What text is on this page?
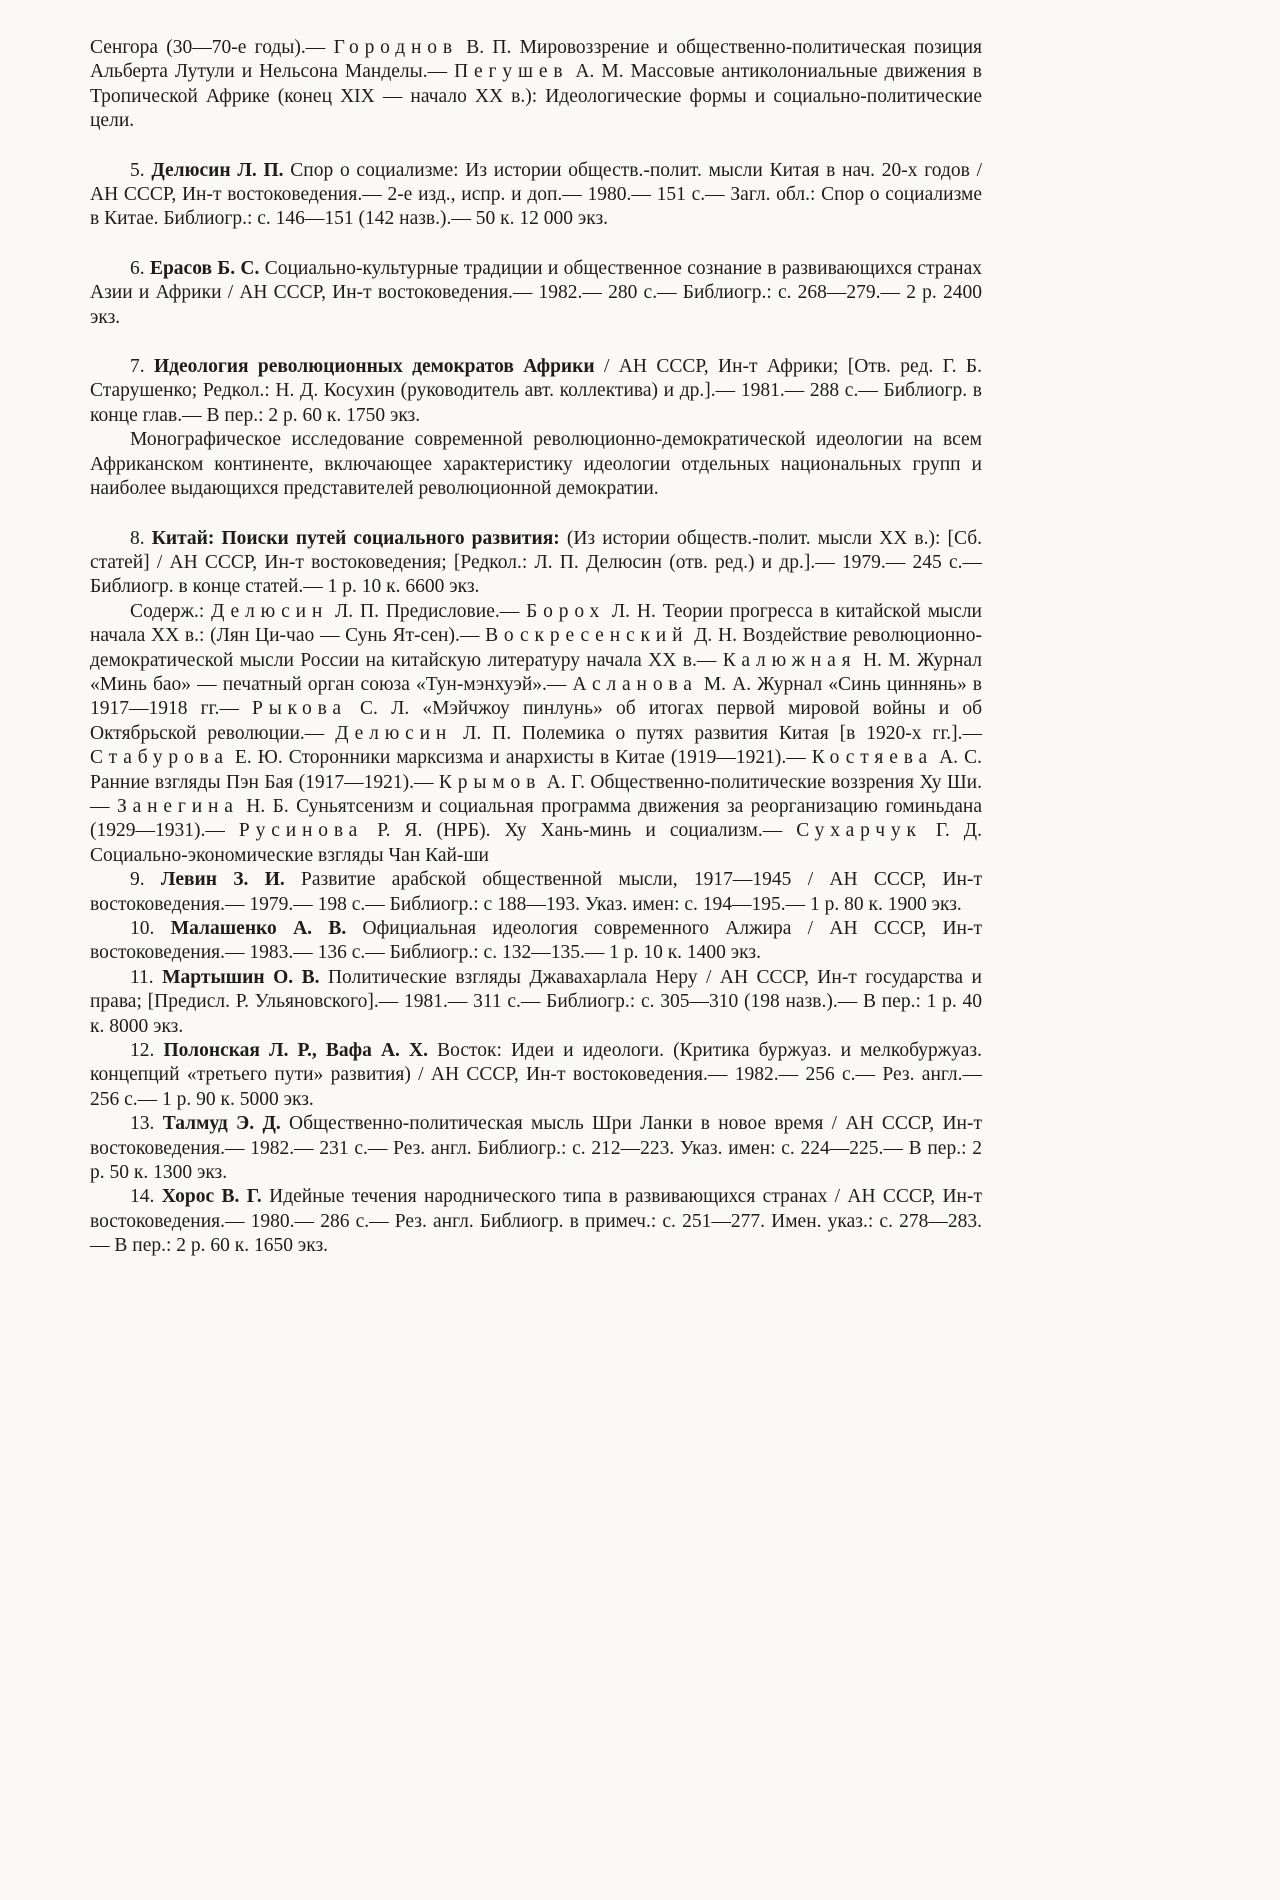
Сенгора (30—70-е годы).— Городнов В. П. Мировоззрение и общественно-политическая позиция Альберта Лутули и Нельсона Манделы.— Пегушев А. М. Массовые антиколониальные движения в Тропической Африке (конец XIX — начало XX в.): Идеологические формы и социально-политические цели.

5. Делюсин Л. П. Спор о социализме: Из истории обществ.-полит. мысли Китая в нач. 20-х годов / АН СССР, Ин-т востоковедения.— 2-е изд., испр. и доп.— 1980.— 151 с.— Загл. обл.: Спор о социализме в Китае. Библиогр.: с. 146—151 (142 назв.).— 50 к. 12 000 экз.

6. Ерасов Б. С. Социально-культурные традиции и общественное сознание в развивающихся странах Азии и Африки / АН СССР, Ин-т востоковедения.— 1982.— 280 с.— Библиогр.: с. 268—279.— 2 р. 2400 экз.

7. Идеология революционных демократов Африки / АН СССР, Ин-т Африки; [Отв. ред. Г. Б. Старушенко; Редкол.: Н. Д. Косухин (руководитель авт. коллектива) и др.].— 1981.— 288 с.— Библиогр. в конце глав.— В пер.: 2 р. 60 к. 1750 экз.

Монографическое исследование современной революционно-демократической идеологии на всем Африканском континенте, включающее характеристику идеологии отдельных национальных групп и наиболее выдающихся представителей революционной демократии.

8. Китай: Поиски путей социального развития: (Из истории обществ.-полит. мысли XX в.): [Сб. статей] / АН СССР, Ин-т востоковедения; [Редкол.: Л. П. Делюсин (отв. ред.) и др.].— 1979.— 245 с.— Библиогр. в конце статей.— 1 р. 10 к. 6600 экз.

Содерж.: Делюсин Л. П. Предисловие.— Борох Л. Н. Теории прогресса в китайской мысли начала XX в.: (Лян Ци-чао — Сунь Ят-сен).— Воскресенский Д. Н. Воздействие революционно-демократической мысли России на китайскую литературу начала XX в.— Калюжная Н. М. Журнал «Минь бао» — печатный орган союза «Тун-мэнхуэй».— Асланова М. А. Журнал «Синь циннянь» в 1917—1918 гг.— Рыкова С. Л. «Мэйчжоу пинлунь» об итогах первой мировой войны и об Октябрьской революции.— Делюсин Л. П. Полемика о путях развития Китая [в 1920-х гг.].— Стабурова Е. Ю. Сторонники марксизма и анархисты в Китае (1919—1921).— Костяева А. С. Ранние взгляды Пэн Бая (1917—1921).— Крымов А. Г. Общественно-политические воззрения Ху Ши.— Занегина Н. Б. Суньятсенизм и социальная программа движения за реорганизацию гоминьдана (1929—1931).— Русинова Р. Я. (НРБ). Ху Хань-минь и социализм.— Сухарчук Г. Д. Социально-экономические взгляды Чан Кай-ши

9. Левин З. И. Развитие арабской общественной мысли, 1917—1945 / АН СССР, Ин-т востоковедения.— 1979.— 198 с.— Библиогр.: с 188—193. Указ. имен: с. 194—195.— 1 р. 80 к. 1900 экз.

10. Малашенко А. В. Официальная идеология современного Алжира / АН СССР, Ин-т востоковедения.— 1983.— 136 с.— Библиогр.: с. 132—135.— 1 р. 10 к. 1400 экз.

11. Мартышин О. В. Политические взгляды Джавахарлала Неру / АН СССР, Ин-т государства и права; [Предисл. Р. Ульяновского].— 1981.— 311 с.— Библиогр.: с. 305—310 (198 назв.).— В пер.: 1 р. 40 к. 8000 экз.

12. Полонская Л. Р., Вафа А. Х. Восток: Идеи и идеологи. (Критика буржуаз. и мелкобуржуаз. концепций «третьего пути» развития) / АН СССР, Ин-т востоковедения.— 1982.— 256 с.— Рез. англ.— 256 с.— 1 р. 90 к. 5000 экз.

13. Талмуд Э. Д. Общественно-политическая мысль Шри Ланки в новое время / АН СССР, Ин-т востоковедения.— 1982.— 231 с.— Рез. англ. Библиогр.: с. 212—223. Указ. имен: с. 224—225.— В пер.: 2 р. 50 к. 1300 экз.

14. Хорос В. Г. Идейные течения народнического типа в развивающихся странах / АН СССР, Ин-т востоковедения.— 1980.— 286 с.— Рез. англ. Библиогр. в примеч.: с. 251—277. Имен. указ.: с. 278—283.— В пер.: 2 р. 60 к. 1650 экз.
